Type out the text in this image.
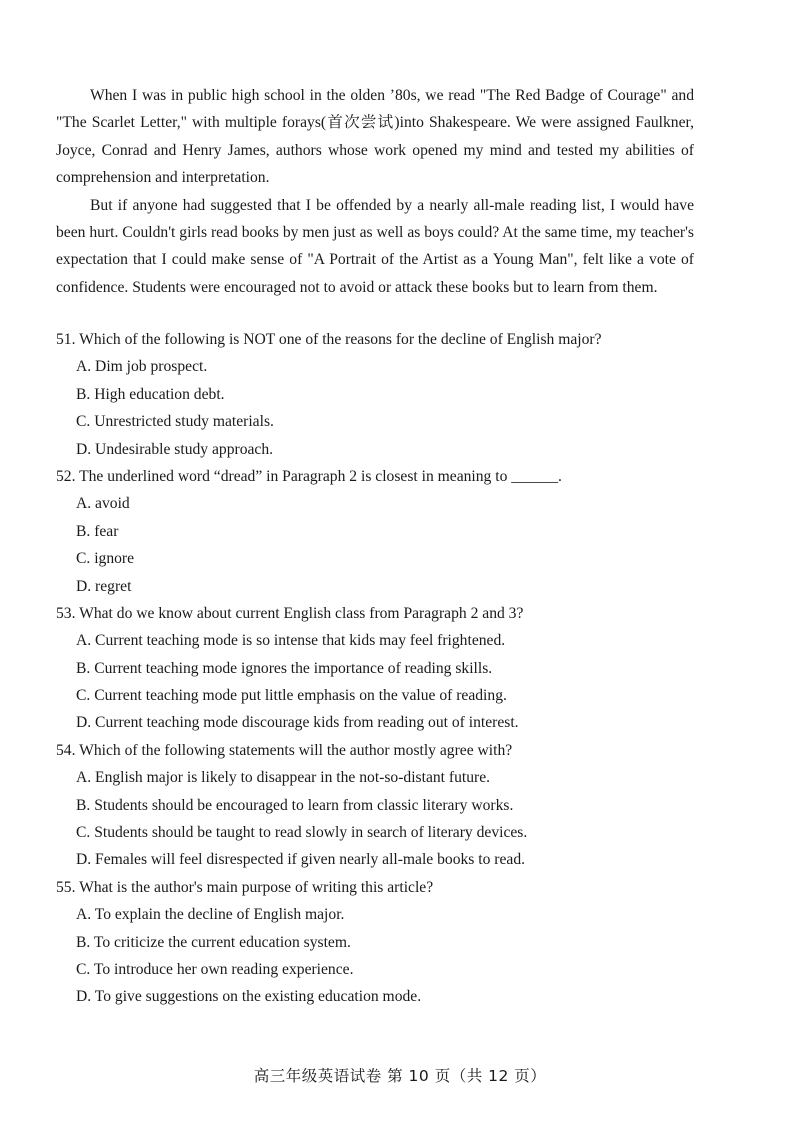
When I was in public high school in the olden ’80s, we read "The Red Badge of Courage" and "The Scarlet Letter," with multiple forays(首次尝试)into Shakespeare. We were assigned Faulkner, Joyce, Conrad and Henry James, authors whose work opened my mind and tested my abilities of comprehension and interpretation.

But if anyone had suggested that I be offended by a nearly all-male reading list, I would have been hurt. Couldn't girls read books by men just as well as boys could? At the same time, my teacher's expectation that I could make sense of "A Portrait of the Artist as a Young Man", felt like a vote of confidence. Students were encouraged not to avoid or attack these books but to learn from them.

51. Which of the following is NOT one of the reasons for the decline of English major?
A. Dim job prospect.
B. High education debt.
C. Unrestricted study materials.
D. Undesirable study approach.
52. The underlined word “dread” in Paragraph 2 is closest in meaning to ______.
A. avoid
B. fear
C. ignore
D. regret
53. What do we know about current English class from Paragraph 2 and 3?
A. Current teaching mode is so intense that kids may feel frightened.
B. Current teaching mode ignores the importance of reading skills.
C. Current teaching mode put little emphasis on the value of reading.
D. Current teaching mode discourage kids from reading out of interest.
54. Which of the following statements will the author mostly agree with?
A. English major is likely to disappear in the not-so-distant future.
B. Students should be encouraged to learn from classic literary works.
C. Students should be taught to read slowly in search of literary devices.
D. Females will feel disrespected if given nearly all-male books to read.
55. What is the author's main purpose of writing this article?
A. To explain the decline of English major.
B. To criticize the current education system.
C. To introduce her own reading experience.
D. To give suggestions on the existing education mode.
高三年级英语试卷 第 10 页（共 12 页）
